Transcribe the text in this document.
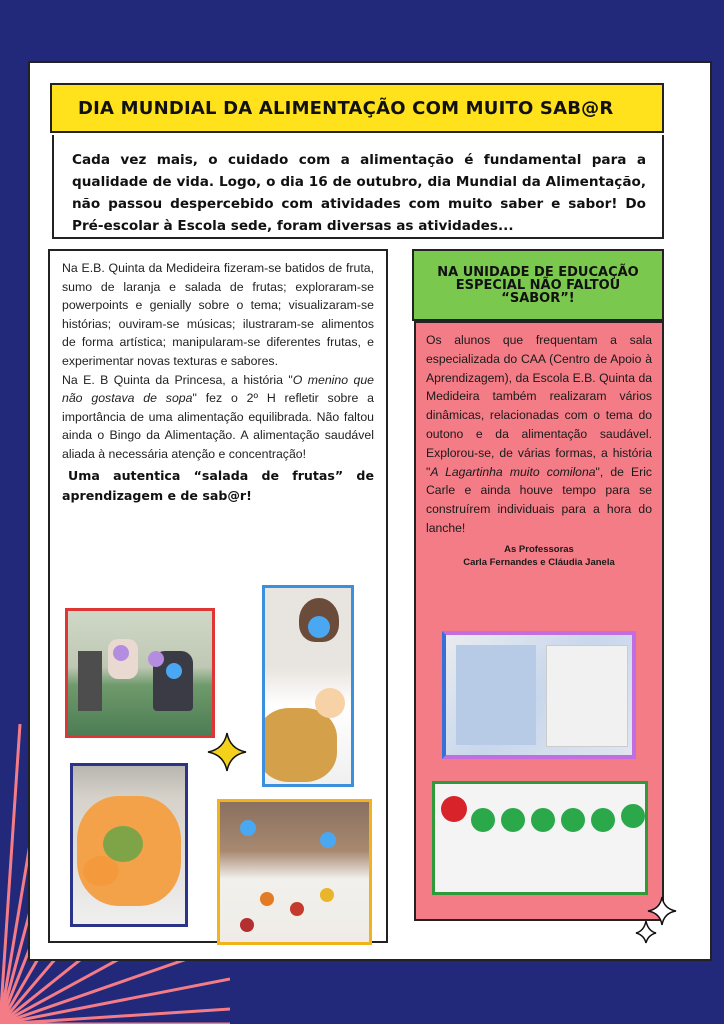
DIA MUNDIAL DA ALIMENTAÇÃO COM MUITO SAB@R
Cada vez mais, o cuidado com a alimentação é fundamental para a qualidade de vida. Logo, o dia 16 de outubro, dia Mundial da Alimentação, não passou despercebido com atividades com muito saber e sabor! Do Pré-escolar à Escola sede, foram diversas as atividades...

Na E.B. Quinta da Medideira fizeram-se batidos de fruta, sumo de laranja e salada de frutas; exploraram-se powerpoints e genially sobre o tema; visualizaram-se histórias; ouviram-se músicas; ilustraram-se alimentos de forma artística; manipularam-se diferentes frutas, e experimentar novas texturas e sabores.

Na E. B Quinta da Princesa, a história "O menino que não gostava de sopa" fez o 2º H refletir sobre a importância de uma alimentação equilibrada. Não faltou ainda o Bingo da Alimentação. A alimentação saudável aliada à necessária atenção e concentração!

Uma autentica “salada de frutas” de aprendizagem e de sab@r!

NA UNIDADE DE EDUCAÇÃO ESPECIAL NÃO FALTOU “SABOR”!

Os alunos que frequentam a sala especializada do CAA (Centro de Apoio à Aprendizagem), da Escola E.B. Quinta da Medideira também realizaram vários dinâmicas, relacionadas com o tema do outono e da alimentação saudável. Explorou-se, de várias formas, a história "A Lagartinha muito comilona", de Eric Carle e ainda houve tempo para se construírem individuais para a hora do lanche!

As Professoras
Carla Fernandes e Cláudia Janela
